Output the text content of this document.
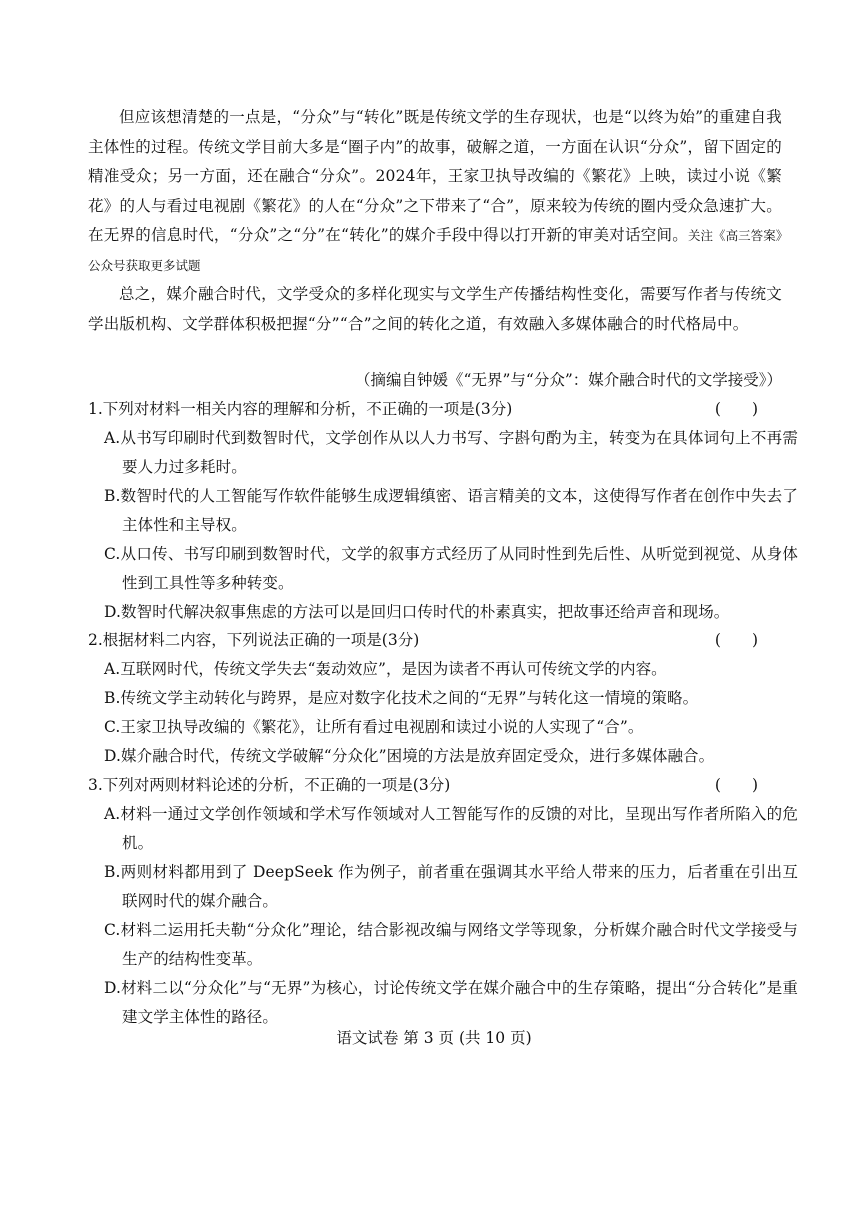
但应该想清楚的一点是，“分众”与“转化”既是传统文学的生存现状，也是“以终为始”的重建自我主体性的过程。传统文学目前大多是“圈子内”的故事，破解之道，一方面在认识“分众”，留下固定的精准受众；另一方面，还在融合“分众”。2024年，王家卫执导改编的《繁花》上映，读过小说《繁花》的人与看过电视剧《繁花》的人在“分众”之下带来了“合”，原来较为传统的圈内受众急速扩大。在无界的信息时代，“分众”之“分”在“转化”的媒介手段中得以打开新的审美对话空间。关注《高三答案》公众号获取更多试题
总之，媒介融合时代，文学受众的多样化现实与文学生产传播结构性变化，需要写作者与传统文学出版机构、文学群体积极把握“分”“合”之间的转化之道，有效融入多媒体融合的时代格局中。
（摘编自钟媛《“无界”与“分众”：媒介融合时代的文学接受》）
1.下列对材料一相关内容的理解和分析，不正确的一项是(3分)	(　　)
A.从书写印刷时代到数智时代，文学创作从以人力书写、字斟句酌为主，转变为在具体词句上不再需要人力过多耗时。
B.数智时代的人工智能写作软件能够生成逻辑缜密、语言精美的文本，这使得写作者在创作中失去了主体性和主导权。
C.从口传、书写印刷到数智时代，文学的叙事方式经历了从同时性到先后性、从听觉到视觉、从身体性到工具性等多种转变。
D.数智时代解决叙事焦虑的方法可以是回归口传时代的朴素真实，把故事还给声音和现场。
2.根据材料二内容，下列说法正确的一项是(3分)	(　　)
A.互联网时代，传统文学失去“轰动效应”，是因为读者不再认可传统文学的内容。
B.传统文学主动转化与跨界，是应对数字化技术之间的“无界”与转化这一情境的策略。
C.王家卫执导改编的《繁花》，让所有看过电视剧和读过小说的人实现了“合”。
D.媒介融合时代，传统文学破解“分众化”困境的方法是放弃固定受众，进行多媒体融合。
3.下列对两则材料论述的分析，不正确的一项是(3分)	(　　)
A.材料一通过文学创作领域和学术写作领域对人工智能写作的反馈的对比，呈现出写作者所陷入的危机。
B.两则材料都用到了 DeepSeek 作为例子，前者重在强调其水平给人带来的压力，后者重在引出互联网时代的媒介融合。
C.材料二运用托夫勒“分众化”理论，结合影视改编与网络文学等现象，分析媒介融合时代文学接受与生产的结构性变革。
D.材料二以“分众化”与“无界”为核心，讨论传统文学在媒介融合中的生存策略，提出“分合转化”是重建文学主体性的路径。
语文试卷 第 3 页 (共 10 页)
